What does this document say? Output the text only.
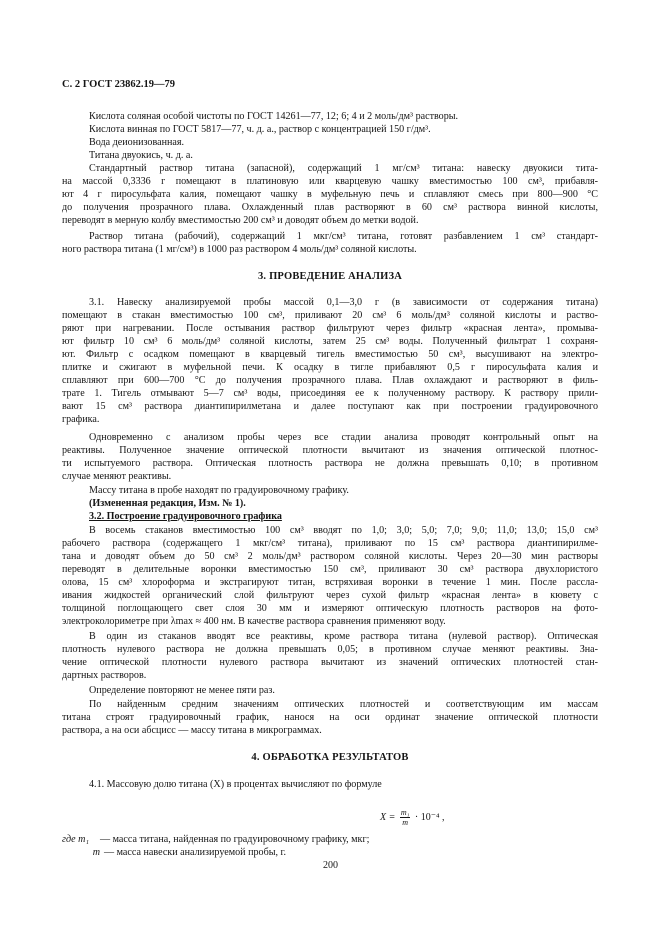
С. 2 ГОСТ 23862.19—79

Кислота соляная особой чистоты по ГОСТ 14261—77, 12; 6; 4 и 2 моль/дм³ растворы.

Кислота винная по ГОСТ 5817—77, ч. д. а., раствор с концентрацией 150 г/дм³.

Вода деионизованная.

Титана двуокись, ч. д. а.

Стандартный раствор титана (запасной), содержащий 1 мг/см³ титана: навеску двуокиси тита-
на массой 0,3336 г помещают в платиновую или кварцевую чашку вместимостью 100 см³, прибавля-
ют 4 г пиросульфата калия, помещают чашку в муфельную печь и сплавляют смесь при 800—900 °С
до получения прозрачного плава. Охлажденный плав растворяют в 60 см³ раствора винной кислоты,
переводят в мерную колбу вместимостью 200 см³ и доводят объем до метки водой.
Раствор титана (рабочий), содержащий 1 мкг/см³ титана, готовят разбавлением 1 см³ стандарт-
ного раствора титана (1 мг/см³) в 1000 раз раствором 4 моль/дм³ соляной кислоты.
3. ПРОВЕДЕНИЕ АНАЛИЗА
3.1. Навеску анализируемой пробы массой 0,1—3,0 г (в зависимости от содержания титана)
помещают в стакан вместимостью 100 см³, приливают 20 см³ 6 моль/дм³ соляной кислоты и раство-
ряют при нагревании. После остывания раствор фильтруют через фильтр «красная лента», промыва-
ют фильтр 10 см³ 6 моль/дм³ соляной кислоты, затем 25 см³ воды. Полученный фильтрат 1 сохраня-
ют. Фильтр с осадком помещают в кварцевый тигель вместимостью 50 см³, высушивают на электро-
плитке и сжигают в муфельной печи. К осадку в тигле прибавляют 0,5 г пиросульфата калия и
сплавляют при 600—700 °С до получения прозрачного плава. Плав охлаждают и растворяют в филь-
трате 1. Тигель отмывают 5—7 см³ воды, присоединяя ее к полученному раствору. К раствору прили-
вают 15 см³ раствора диантипирилметана и далее поступают как при построении градуировочного
графика.
Одновременно с анализом пробы через все стадии анализа проводят контрольный опыт на
реактивы. Полученное значение оптической плотности вычитают из значения оптической плотнос-
ти испытуемого раствора. Оптическая плотность раствора не должна превышать 0,10; в противном
случае меняют реактивы.
Массу титана в пробе находят по градуировочному графику.
(Измененная редакция, Изм. № 1).
3.2. Построение градуировочного графика
В восемь стаканов вместимостью 100 см³ вводят по 1,0; 3,0; 5,0; 7,0; 9,0; 11,0; 13,0; 15,0 см³
рабочего раствора (содержащего 1 мкг/см³ титана), приливают по 15 см³ раствора диантипирилме-
тана и доводят объем до 50 см³ 2 моль/дм³ раствором соляной кислоты. Через 20—30 мин растворы
переводят в делительные воронки вместимостью 150 см³, приливают 30 см³ раствора двухлористого
олова, 15 см³ хлороформа и экстрагируют титан, встряхивая воронки в течение 1 мин. После рассла-
ивания жидкостей органический слой фильтруют через сухой фильтр «красная лента» в кювету с
толщиной поглощающего свет слоя 30 мм и измеряют оптическую плотность растворов на фото-
электроколориметре при λmax ≈ 400 нм. В качестве раствора сравнения применяют воду.
В один из стаканов вводят все реактивы, кроме раствора титана (нулевой раствор). Оптическая
плотность нулевого раствора не должна превышать 0,05; в противном случае меняют реактивы. Зна-
чение оптической плотности нулевого раствора вычитают из значений оптических плотностей стан-
дартных растворов.
Определение повторяют не менее пяти раз.
По найденным средним значениям оптических плотностей и соответствующим им массам
титана строят градуировочный график, нанося на оси ординат значение оптической плотности
раствора, а на оси абсцисс — массу титана в микрограммах.
4. ОБРАБОТКА РЕЗУЛЬТАТОВ
4.1. Массовую долю титана (X) в процентах вычисляют по формуле
$X = \frac{\text{m₁}}{m} \cdot 10^{-4}$ ,
где m₁ — масса титана, найденная по градуировочному графику, мкг;
m — масса навески анализируемой пробы, г.
200
